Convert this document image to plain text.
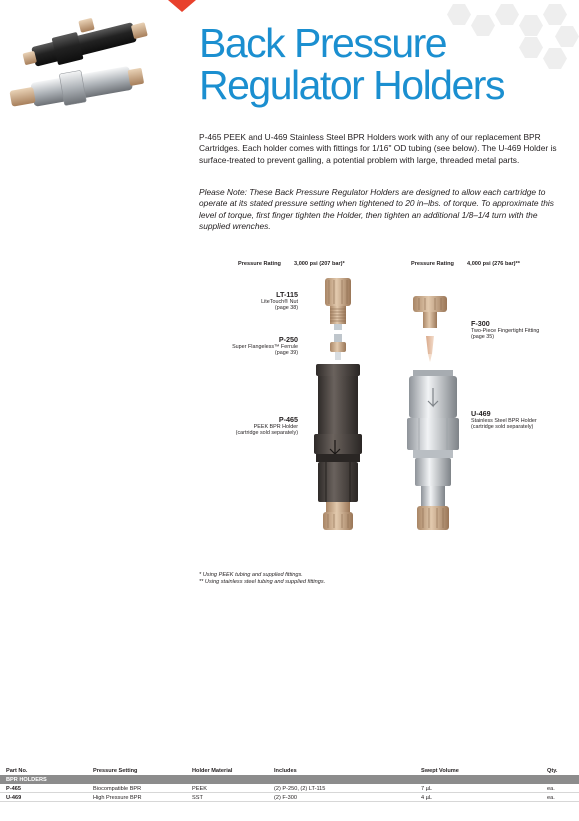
Back Pressure
Regulator Holders

P-465 PEEK and U-469 Stainless Steel BPR Holders work with any of our replacement BPR Cartridges. Each holder comes with fittings for 1/16" OD tubing (see below). The U-469 Holder is surface-treated to prevent galling, a potential problem with large, threaded metal parts.

Please Note: These Back Pressure Regulator Holders are designed to allow each cartridge to operate at its stated pressure setting when tightened to 20 in–lbs. of torque. To approximate this level of torque, first finger tighten the Holder, then tighten an additional 1/8–1/4 turn with the supplied wrenches.

Pressure Rating 3,000 psi (207 bar)*	Pressure Rating 4,000 psi (276 bar)**
LT-115
LiteTouch® Nut
(page 38)
P-250
Super Flangeless™ Ferrule
(page 39)
P-465
PEEK BPR Holder
(cartridge sold separately)
F-300
Two-Piece Fingertight Fitting
(page 35)
U-469
Stainless Steel BPR Holder
(cartridge sold separately)
* Using PEEK tubing and supplied fittings.
** Using stainless steel tubing and supplied fittings.
Part No.	Pressure Setting	Holder Material	Includes	Swept Volume	Qty.
BPR HOLDERS
P-465	Biocompatible BPR	PEEK	(2) P-250, (2) LT-115	7 µL	ea.
U-469	High Pressure BPR	SST	(2) F-300	4 µL	ea.
